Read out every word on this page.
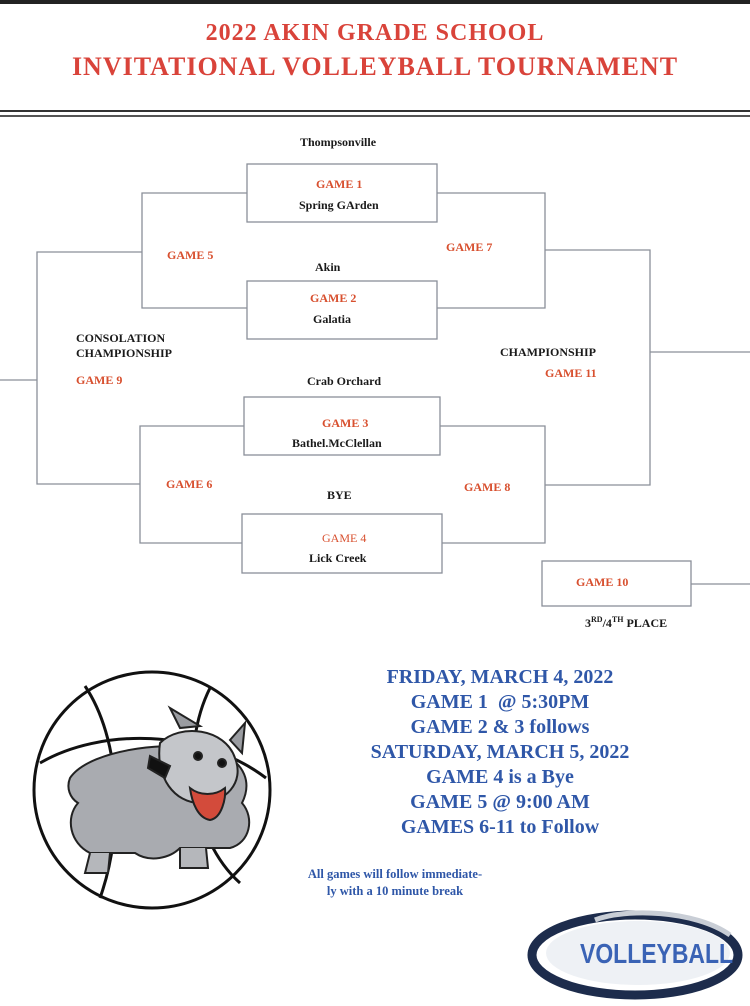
2022 AKIN GRADE SCHOOL
INVITATIONAL VOLLEYBALL TOURNAMENT
Thompsonville
GAME 1
Spring GArden
GAME 5
GAME 7
Akin
GAME 2
Galatia
CONSOLATION
CHAMPIONSHIP
GAME 9
CHAMPIONSHIP
GAME 11
Crab Orchard
GAME 3
Bathel.McClellan
GAME 6	GAME 8
BYE
GAME 4
Lick Creek
GAME 10
3RD/4TH PLACE
FRIDAY, MARCH 4, 2022
GAME 1  @ 5:30PM
GAME 2 & 3 follows
SATURDAY, MARCH 5, 2022
GAME 4 is a Bye
GAME 5 @ 9:00 AM
GAMES 6-11 to Follow
All games will follow immediate-
ly with a 10 minute break
VOLLEYBALL
